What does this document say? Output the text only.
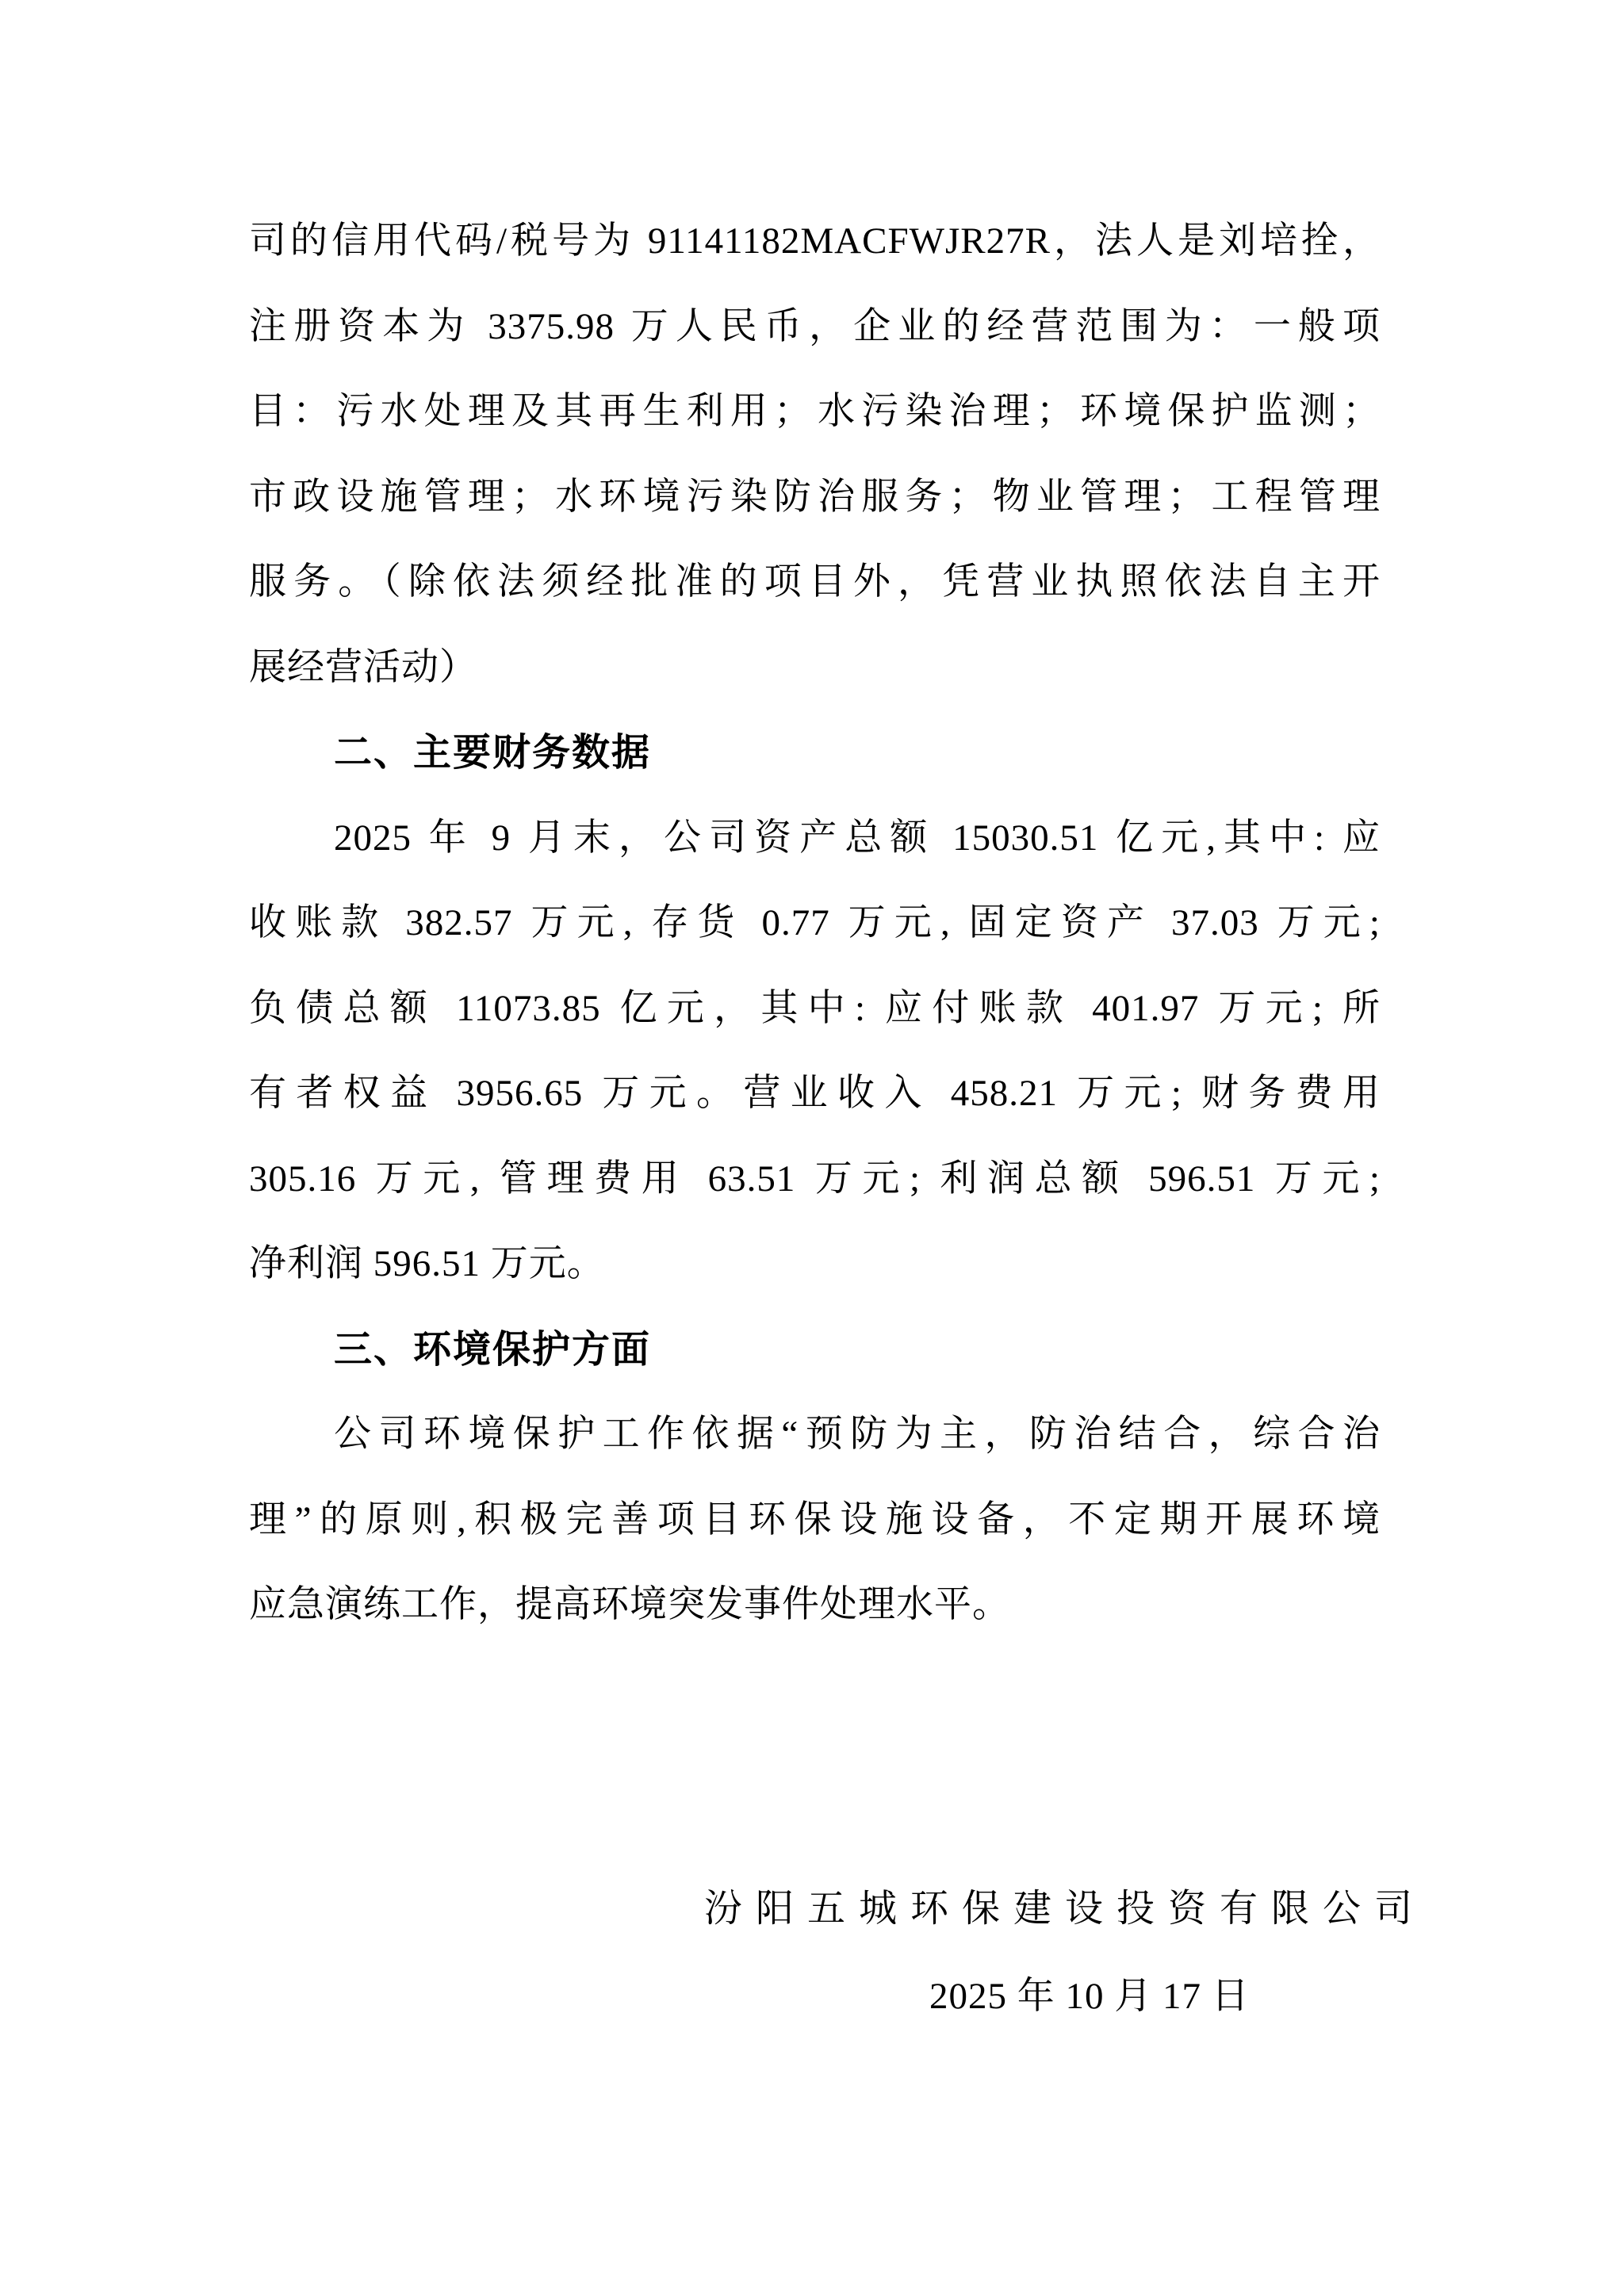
司的信用代码/税号为 91141182MACFWJR27R，法人是刘培拴，
注册资本为 3375.98 万人民币，企业的经营范围为：一般项
目：污水处理及其再生利用；水污染治理；环境保护监测；
市政设施管理；水环境污染防治服务；物业管理；工程管理
服务。（除依法须经批准的项目外，凭营业执照依法自主开
展经营活动）
二、主要财务数据
2025 年 9 月末，公司资产总额 15030.51 亿元,其中: 应
收账款 382.57 万元, 存货 0.77 万元, 固定资产 37.03 万元;
负债总额 11073.85 亿元，其中: 应付账款 401.97 万元; 所
有者权益 3956.65 万元。营业收入 458.21 万元; 财务费用
305.16 万元, 管理费用 63.51 万元; 利润总额 596.51 万元;
净利润 596.51 万元。
三、环境保护方面
公司环境保护工作依据“预防为主，防治结合，综合治
理”的原则,积极完善项目环保设施设备，不定期开展环境
应急演练工作，提高环境突发事件处理水平。
汾阳五城环保建设投资有限公司
2025 年 10 月 17 日
